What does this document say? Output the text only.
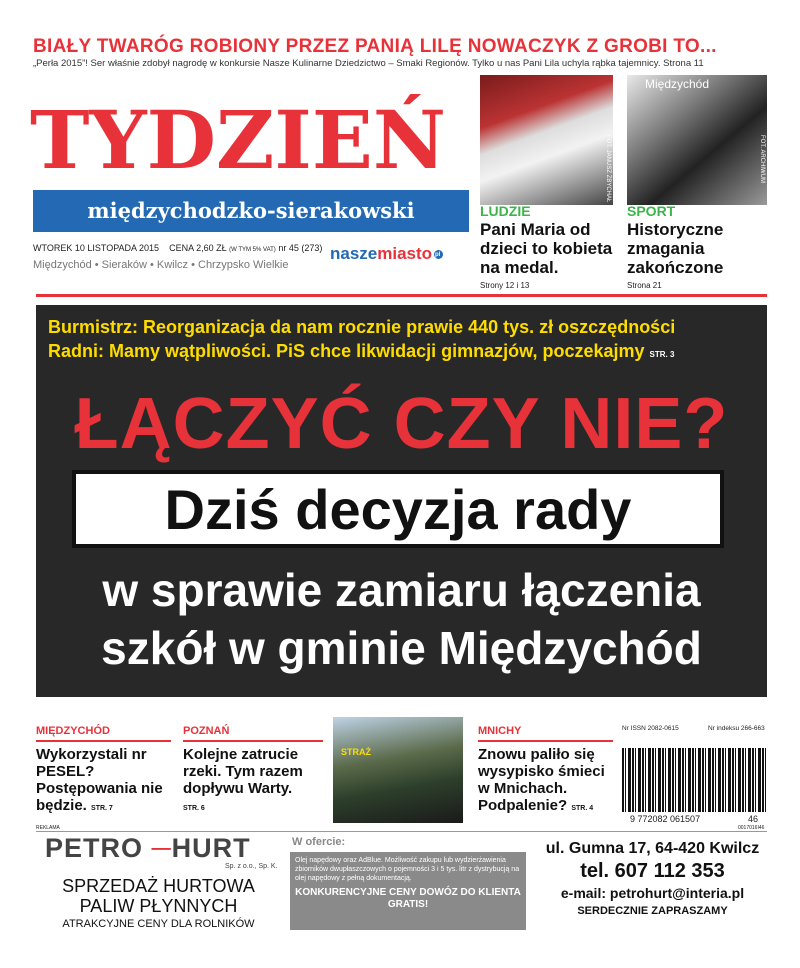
BIAŁY TWARÓG ROBIONY PRZEZ PANIĄ LILĘ NOWACZYK Z GROBI TO...
„Perła 2015”! Ser właśnie zdobył nagrodę w konkursie Nasze Kulinarne Dziedzictwo – Smaki Regionów. Tylko u nas Pani Lila uchyla rąbka tajemnicy. Strona 11
TYDZIEŃ
międzychodzko-sierakowski
WTOREK 10 LISTOPADA 2015 CENA 2,60 ZŁ (W TYM 5% VAT) nr 45 (273)
Międzychód • Sieraków • Kwilcz • Chrzypsko Wielkie
naszemiasto pl
FOT. JANUSZ ZBYCHAŁ
Międzychód
FOT. ARCHIWUM
LUDZIE
Pani Maria od dzieci to kobieta na medal.
Strony 12 i 13
SPORT
Historyczne zmagania zakończone
Strona 21
Burmistrz: Reorganizacja da nam rocznie prawie 440 tys. zł oszczędności
Radni: Mamy wątpliwości. PiS chce likwidacji gimnazjów, poczekajmy STR. 3
ŁĄCZYĆ CZY NIE?
Dziś decyzja rady
w sprawie zamiaru łączenia
szkół w gminie Międzychód
MIĘDZYCHÓD
Wykorzystali nr PESEL? Postępowania nie będzie. STR. 7
POZNAŃ
Kolejne zatrucie rzeki. Tym razem dopływu Warty.
STR. 6
STRAŻ
MNICHY
Znowu paliło się wysypisko śmieci w Mnichach. Podpalenie? STR. 4
Nr ISSN 2082-0615	Nr indeksu 266-663
9 772082 061507	46
REKLAMA	0017016I46
PETRO ─HURT
Sp. z o.o., Sp. K.
SPRZEDAŻ HURTOWA
PALIW PŁYNNYCH
ATRAKCYJNE CENY DLA ROLNIKÓW
W ofercie:
Olej napędowy oraz AdBlue. Możliwość zakupu lub wydzierżawienia zbiorników dwupłaszczowych o pojemności 3 i 5 tys. litr z dystrybucją na olej napędowy z pełną dokumentacją.
KONKURENCYJNE CENY DOWÓZ DO KLIENTA GRATIS!
ul. Gumna 17, 64-420 Kwilcz
tel. 607 112 353
e-mail: petrohurt@interia.pl
SERDECZNIE ZAPRASZAMY
